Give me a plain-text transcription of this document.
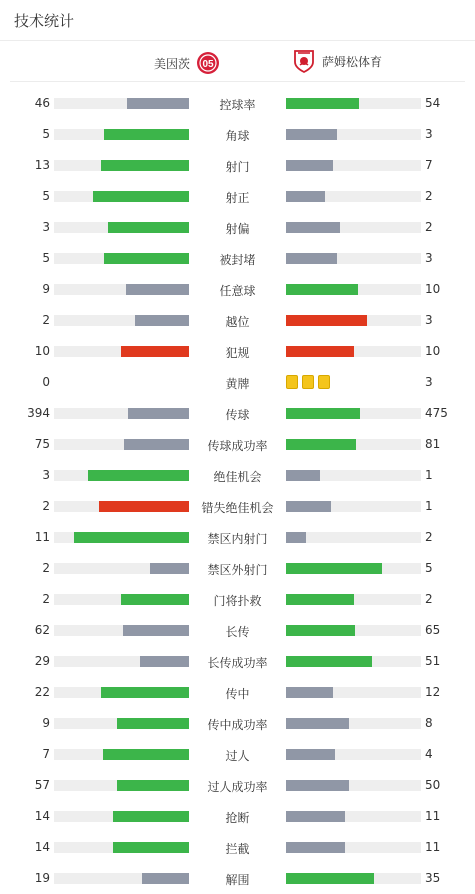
技术统计
美因茨 05	萨姆松体育
46	控球率	54
5	角球	3
13	射门	7
5	射正	2
3	射偏	2
5	被封堵	3
9	任意球	10
2	越位	3
10	犯规	10
0	黄牌	3
394	传球	475
75	传球成功率	81
3	绝佳机会	1
2	错失绝佳机会	1
11	禁区内射门	2
2	禁区外射门	5
2	门将扑救	2
62	长传	65
29	长传成功率	51
22	传中	12
9	传中成功率	8
7	过人	4
57	过人成功率	50
14	抢断	11
14	拦截	11
19	解围	35
